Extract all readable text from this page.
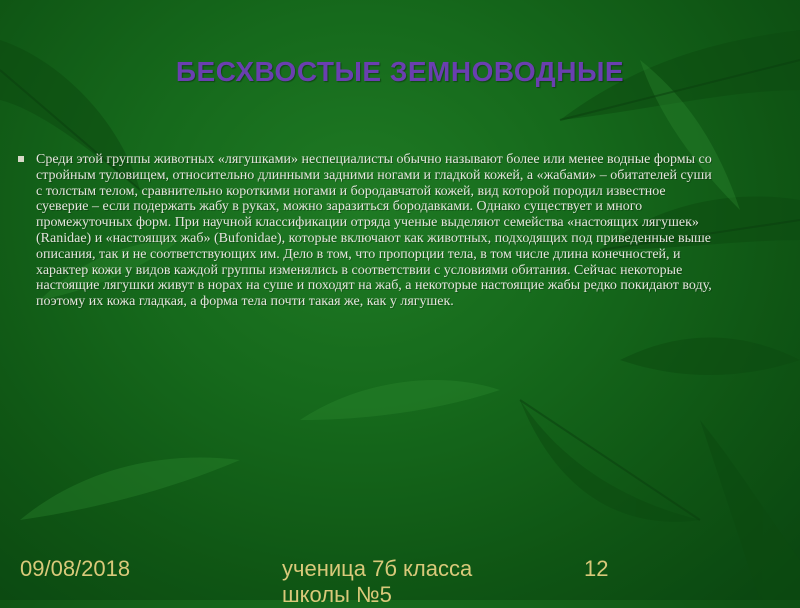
БЕСХВОСТЫЕ ЗЕМНОВОДНЫЕ
Среди этой группы животных «лягушками» неспециалисты обычно называют более или менее водные формы со стройным туловищем, относительно длинными задними ногами и гладкой кожей, а «жабами» – обитателей суши с толстым телом, сравнительно короткими ногами и бородавчатой кожей, вид которой породил известное суеверие – если подержать жабу в руках, можно заразиться бородавками. Однако существует и много промежуточных форм. При научной классификации отряда ученые выделяют семейства «настоящих лягушек» (Ranidae) и «настоящих жаб» (Bufonidae), которые включают как животных, подходящих под приведенные выше описания, так и не соответствующих им. Дело в том, что пропорции тела, в том числе длина конечностей, и характер кожи у видов каждой группы изменялись в соответствии с условиями обитания. Сейчас некоторые настоящие лягушки живут в норах на суше и походят на жаб, а некоторые настоящие жабы редко покидают воду, поэтому их кожа гладкая, а форма тела почти такая же, как у лягушек.
09/08/2018	ученица 7б класса школы №5
12
